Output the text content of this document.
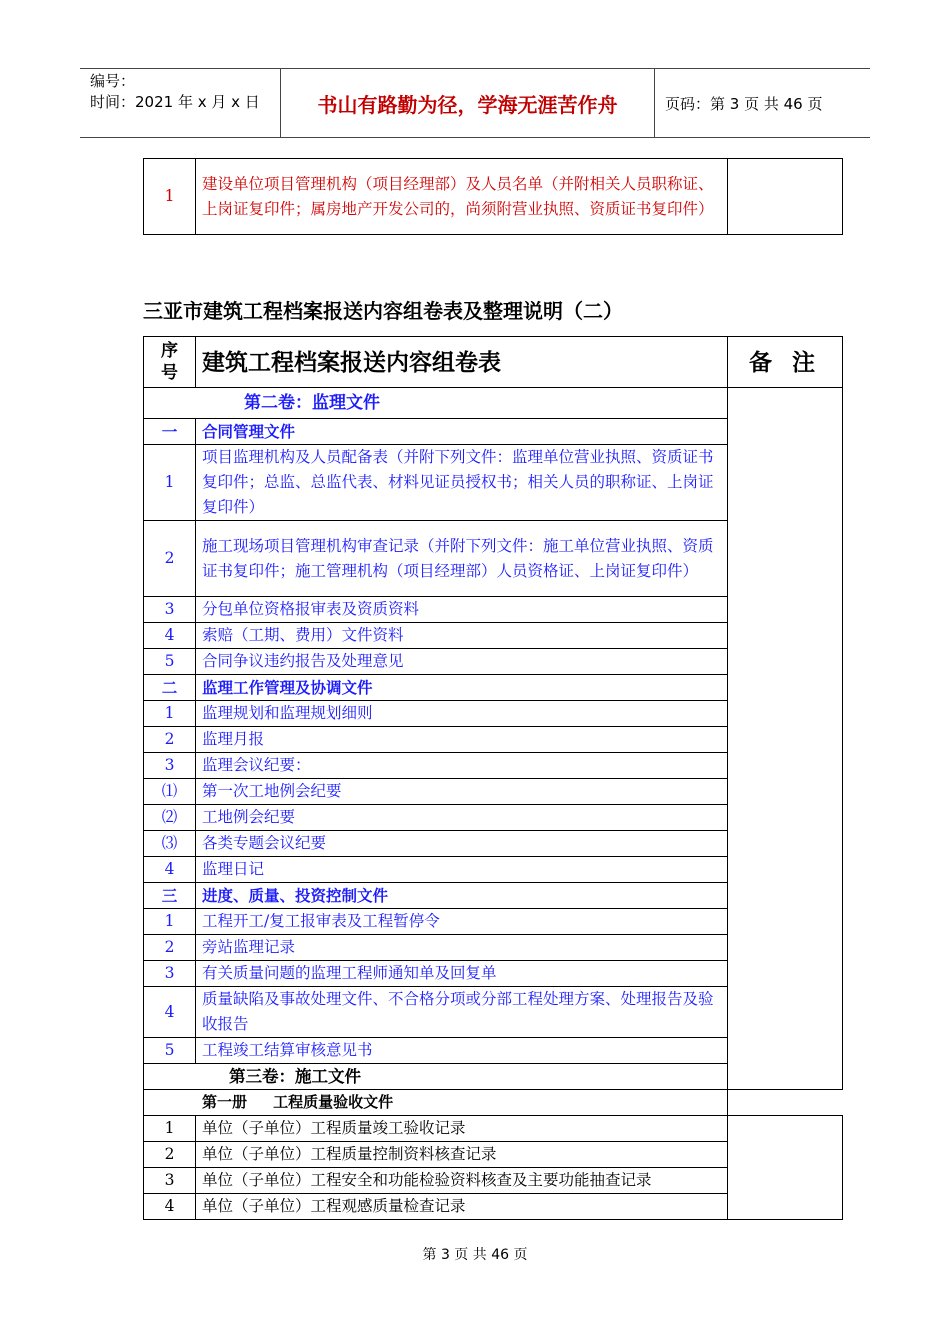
编号：
时间：2021 年 x 月 x 日	书山有路勤为径，学海无涯苦作舟	页码：第 3 页 共 46 页
1	建设单位项目管理机构（项目经理部）及人员名单（并附相关人员职称证、上岗证复印件；属房地产开发公司的，尚须附营业执照、资质证书复印件）	
三亚市建筑工程档案报送内容组卷表及整理说明（二）
序号	建筑工程档案报送内容组卷表	备 注
第二卷：监理文件		
一	合同管理文件	
1	项目监理机构及人员配备表（并附下列文件：监理单位营业执照、资质证书复印件；总监、总监代表、材料见证员授权书；相关人员的职称证、上岗证复印件）	
2	施工现场项目管理机构审查记录（并附下列文件：施工单位营业执照、资质证书复印件；施工管理机构（项目经理部）人员资格证、上岗证复印件）	
3	分包单位资格报审表及资质资料	
4	索赔（工期、费用）文件资料	
5	合同争议违约报告及处理意见	
二	监理工作管理及协调文件	
1	监理规划和监理规划细则	
2	监理月报	
3	监理会议纪要：	
⑴	第一次工地例会纪要	
⑵	工地例会纪要	
⑶	各类专题会议纪要	
4	监理日记	
三	进度、质量、投资控制文件	
1	工程开工/复工报审表及工程暂停令	
2	旁站监理记录	
3	有关质量问题的监理工程师通知单及回复单	
4	质量缺陷及事故处理文件、不合格分项或分部工程处理方案、处理报告及验收报告	
5	工程竣工结算审核意见书	
第三卷：施工文件		
第一册     工程质量验收文件		
1	单位（子单位）工程质量竣工验收记录	
2	单位（子单位）工程质量控制资料核查记录	
3	单位（子单位）工程安全和功能检验资料核查及主要功能抽查记录	
4	单位（子单位）工程观感质量检查记录	
第 3 页 共 46 页
